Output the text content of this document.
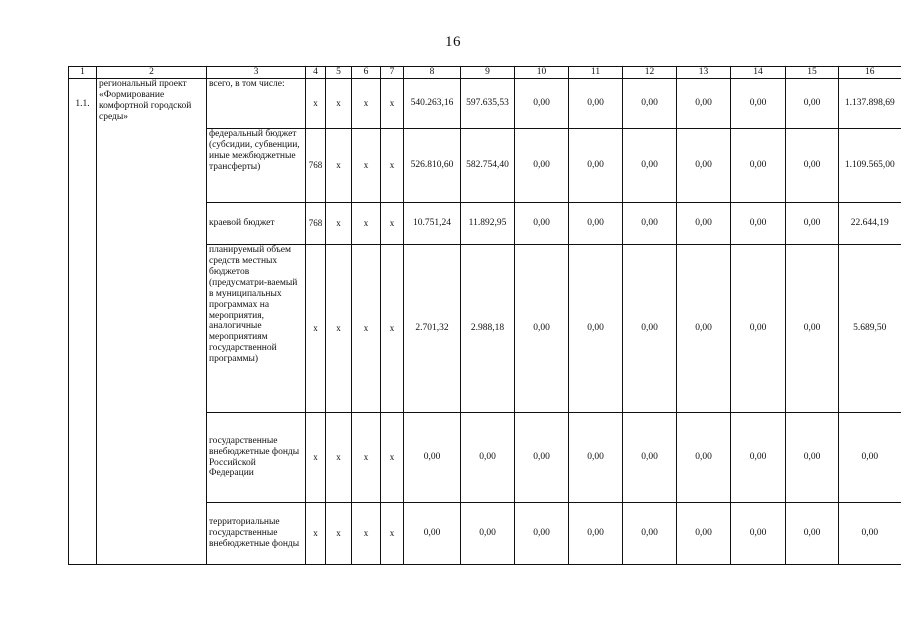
16
1	2	3	4	5	6	7	8	9	10	11	12	13	14	15	16
1.1.	региональный проект «Формирование комфортной городской среды»	всего, в том числе:	х	х	х	х	540.263,16	597.635,53	0,00	0,00	0,00	0,00	0,00	0,00	1.137.898,69
		федеральный бюджет (субсидии, субвенции, иные межбюджетные трансферты)	768	х	х	х	526.810,60	582.754,40	0,00	0,00	0,00	0,00	0,00	0,00	1.109.565,00
		краевой бюджет	768	х	х	х	10.751,24	11.892,95	0,00	0,00	0,00	0,00	0,00	0,00	22.644,19
		планируемый объем средств местных бюджетов (предусматри-ваемый в муниципальных программах на мероприятия, аналогичные мероприятиям государственной программы)	х	х	х	х	2.701,32	2.988,18	0,00	0,00	0,00	0,00	0,00	0,00	5.689,50
		государственные внебюджетные фонды Российской Федерации	х	х	х	х	0,00	0,00	0,00	0,00	0,00	0,00	0,00	0,00	0,00
		территориальные государственные внебюджетные фонды	х	х	х	х	0,00	0,00	0,00	0,00	0,00	0,00	0,00	0,00	0,00
